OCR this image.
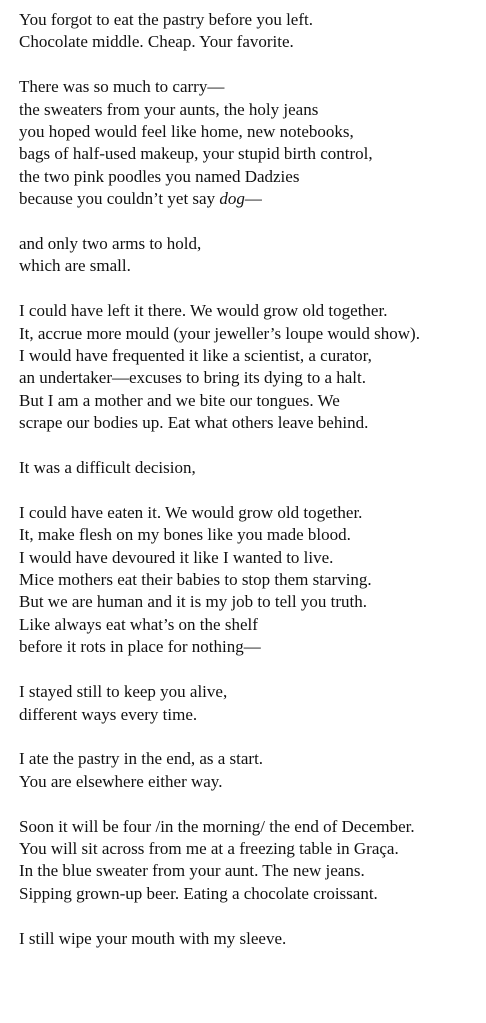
You forgot to eat the pastry before you left.
Chocolate middle. Cheap. Your favorite.
There was so much to carry—
the sweaters from your aunts, the holy jeans
you hoped would feel like home, new notebooks,
bags of half-used makeup, your stupid birth control,
the two pink poodles you named Dadzies
because you couldn’t yet say dog—
and only two arms to hold,
which are small.
I could have left it there. We would grow old together.
It, accrue more mould (your jeweller’s loupe would show).
I would have frequented it like a scientist, a curator,
an undertaker—excuses to bring its dying to a halt.
But I am a mother and we bite our tongues. We
scrape our bodies up. Eat what others leave behind.
It was a difficult decision,
I could have eaten it. We would grow old together.
It, make flesh on my bones like you made blood.
I would have devoured it like I wanted to live.
Mice mothers eat their babies to stop them starving.
But we are human and it is my job to tell you truth.
Like always eat what’s on the shelf
before it rots in place for nothing—
I stayed still to keep you alive,
different ways every time.
I ate the pastry in the end, as a start.
You are elsewhere either way.
Soon it will be four /in the morning/ the end of December.
You will sit across from me at a freezing table in Graça.
In the blue sweater from your aunt. The new jeans.
Sipping grown-up beer. Eating a chocolate croissant.
I still wipe your mouth with my sleeve.
